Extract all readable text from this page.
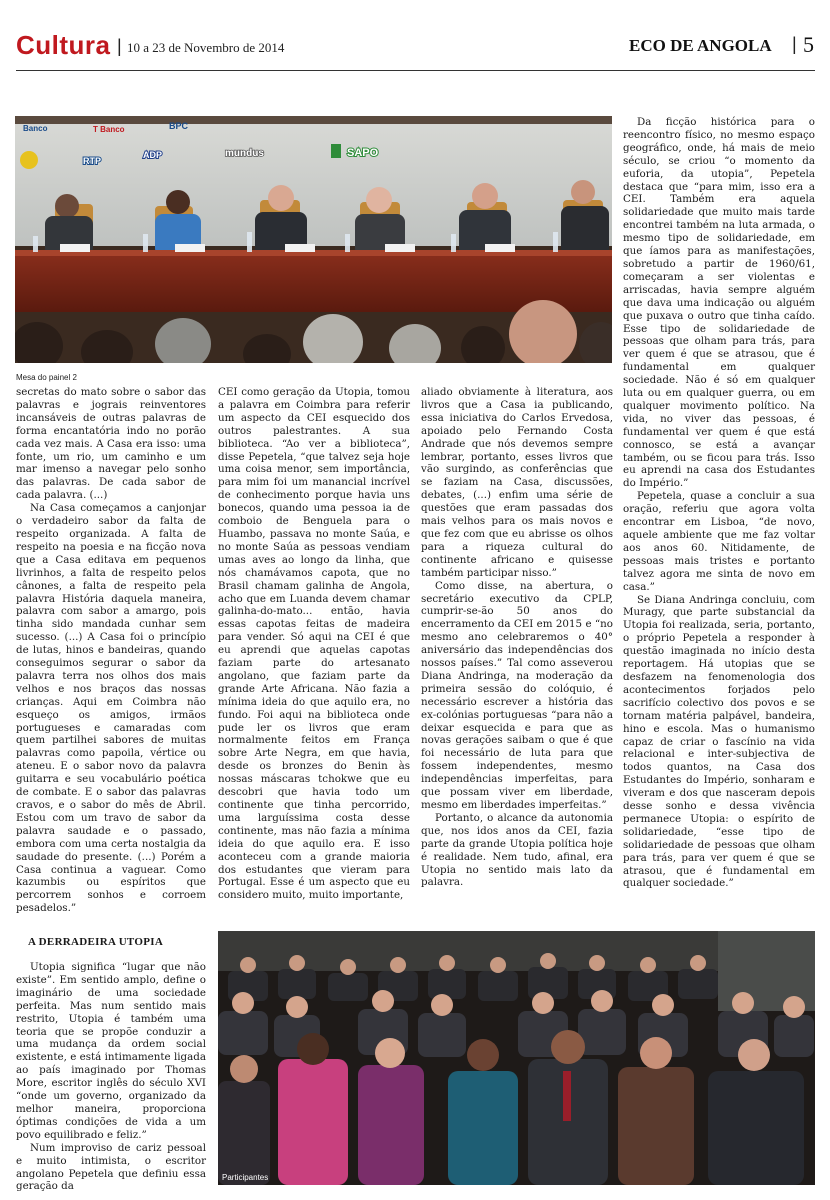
Cultura | 10 a 23 de Novembro de 2014	ECO DE ANGOLA | 5
Banco	T Banco	BPC
RTP
ADP	mundus	SAPO
Mesa do painel 2

secretas do mato sobre o sabor das palavras e jograis reinventores incansáveis de outras palavras de forma encantatória indo no porão cada vez mais. A Casa era isso: uma fonte, um rio, um caminho e um mar imenso a navegar pelo sonho das palavras. De cada sabor de cada palavra. (...)

Na Casa começamos a canjonjar o verdadeiro sabor da falta de respeito organizada. A falta de respeito na poesia e na ficção nova que a Casa editava em pequenos livrinhos, a falta de respeito pelos cânones, a falta de respeito pela palavra História daquela maneira, palavra com sabor a amargo, pois tinha sido mandada cunhar sem sucesso. (...) A Casa foi o princípio de lutas, hinos e bandeiras, quando conseguimos segurar o sabor da palavra terra nos olhos dos mais velhos e nos braços das nossas crianças. Aqui em Coimbra não esqueço os amigos, irmãos portugueses e camaradas com quem partilhei sabores de muitas palavras como papoila, vértice ou ateneu. E o sabor novo da palavra guitarra e seu vocabulário poética de combate. E o sabor das palavras cravos, e o sabor do mês de Abril. Estou com um travo de sabor da palavra saudade e o passado, embora com uma certa nostalgia da saudade do presente. (...) Porém a Casa continua a vaguear. Como kazumbis ou espíritos que percorrem sonhos e corroem pesadelos.”

A DERRADEIRA UTOPIA

Utopia significa “lugar que não existe”. Em sentido amplo, define o imaginário de uma sociedade perfeita. Mas num sentido mais restrito, Utopia é também uma teoria que se propõe conduzir a uma mudança da ordem social existente, e está intimamente ligada ao país imaginado por Thomas More, escritor inglês do século XVI “onde um governo, organizado da melhor maneira, proporciona óptimas condições de vida a um povo equilibrado e feliz.”

Num improviso de cariz pessoal e muito intimista, o escritor angolano Pepetela que definiu essa geração da

CEI como geração da Utopia, tomou a palavra em Coimbra para referir um aspecto da CEI esquecido dos outros palestrantes. A sua biblioteca. “Ao ver a biblioteca”, disse Pepetela, “que talvez seja hoje uma coisa menor, sem importância, para mim foi um manancial incrível de conhecimento porque havia uns bonecos, quando uma pessoa ia de comboio de Benguela para o Huambo, passava no monte Saúa, e no monte Saúa as pessoas vendiam umas aves ao longo da linha, que nós chamávamos capota, que no Brasil chamam galinha de Angola, acho que em Luanda devem chamar galinha-do-mato... então, havia essas capotas feitas de madeira para vender. Só aqui na CEI é que eu aprendi que aquelas capotas faziam parte do artesanato angolano, que faziam parte da grande Arte Africana. Não fazia a mínima ideia do que aquilo era, no fundo. Foi aqui na biblioteca onde pude ler os livros que eram normalmente feitos em França sobre Arte Negra, em que havia, desde os bronzes do Benin às nossas máscaras tchokwe que eu descobri que havia todo um continente que tinha percorrido, uma larguíssima costa desse continente, mas não fazia a mínima ideia do que aquilo era. E isso aconteceu com a grande maioria dos estudantes que vieram para Portugal. Esse é um aspecto que eu considero muito, muito importante,

aliado obviamente à literatura, aos livros que a Casa ia publicando, essa iniciativa do Carlos Ervedosa, apoiado pelo Fernando Costa Andrade que nós devemos sempre lembrar, portanto, esses livros que vão surgindo, as conferências que se faziam na Casa, discussões, debates, (...) enfim uma série de questões que eram passadas dos mais velhos para os mais novos e que fez com que eu abrisse os olhos para a riqueza cultural do continente africano e quisesse também participar nisso.”

Como disse, na abertura, o secretário executivo da CPLP, cumprir-se-ão 50 anos do encerramento da CEI em 2015 e “no mesmo ano celebraremos o 40° aniversário das independências dos nossos países.” Tal como asseverou Diana Andringa, na moderação da primeira sessão do colóquio, é necessário escrever a história das ex-colónias portuguesas “para não a deixar esquecida e para que as novas gerações saibam o que é que foi necessário de luta para que fossem independentes, mesmo independências imperfeitas, para que possam viver em liberdade, mesmo em liberdades imperfeitas.”

Portanto, o alcance da autonomia que, nos idos anos da CEI, fazia parte da grande Utopia política hoje é realidade. Nem tudo, afinal, era Utopia no sentido mais lato da palavra.

Da ficção histórica para o reencontro físico, no mesmo espaço geográfico, onde, há mais de meio século, se criou “o momento da euforia, da utopia”, Pepetela destaca que “para mim, isso era a CEI. Também era aquela solidariedade que muito mais tarde encontrei também na luta armada, o mesmo tipo de solidariedade, em que íamos para as manifestações, sobretudo a partir de 1960/61, começaram a ser violentas e arriscadas, havia sempre alguém que dava uma indicação ou alguém que puxava o outro que tinha caído. Esse tipo de solidariedade de pessoas que olham para trás, para ver quem é que se atrasou, que é fundamental em qualquer sociedade. Não é só em qualquer luta ou em qualquer guerra, ou em qualquer movimento político. Na vida, no viver das pessoas, é fundamental ver quem é que está connosco, se está a avançar também, ou se ficou para trás. Isso eu aprendi na casa dos Estudantes do Império.”

Pepetela, quase a concluir a sua oração, referiu que agora volta encontrar em Lisboa, “de novo, aquele ambiente que me faz voltar aos anos 60. Nitidamente, de pessoas mais tristes e portanto talvez agora me sinta de novo em casa.”

Se Diana Andringa concluiu, com Muragy, que parte substancial da Utopia foi realizada, seria, portanto, o próprio Pepetela a responder à questão imaginada no início desta reportagem. Há utopias que se desfazem na fenomenologia dos acontecimentos forjados pelo sacrifício colectivo dos povos e se tornam matéria palpável, bandeira, hino e escola. Mas o humanismo capaz de criar o fascínio na vida relacional e inter-subjectiva de todos quantos, na Casa dos Estudantes do Império, sonharam e viveram e dos que nasceram depois desse sonho e dessa vivência permanece Utopia: o espírito de solidariedade, “esse tipo de solidariedade de pessoas que olham para trás, para ver quem é que se atrasou, que é fundamental em qualquer sociedade.”

Participantes
